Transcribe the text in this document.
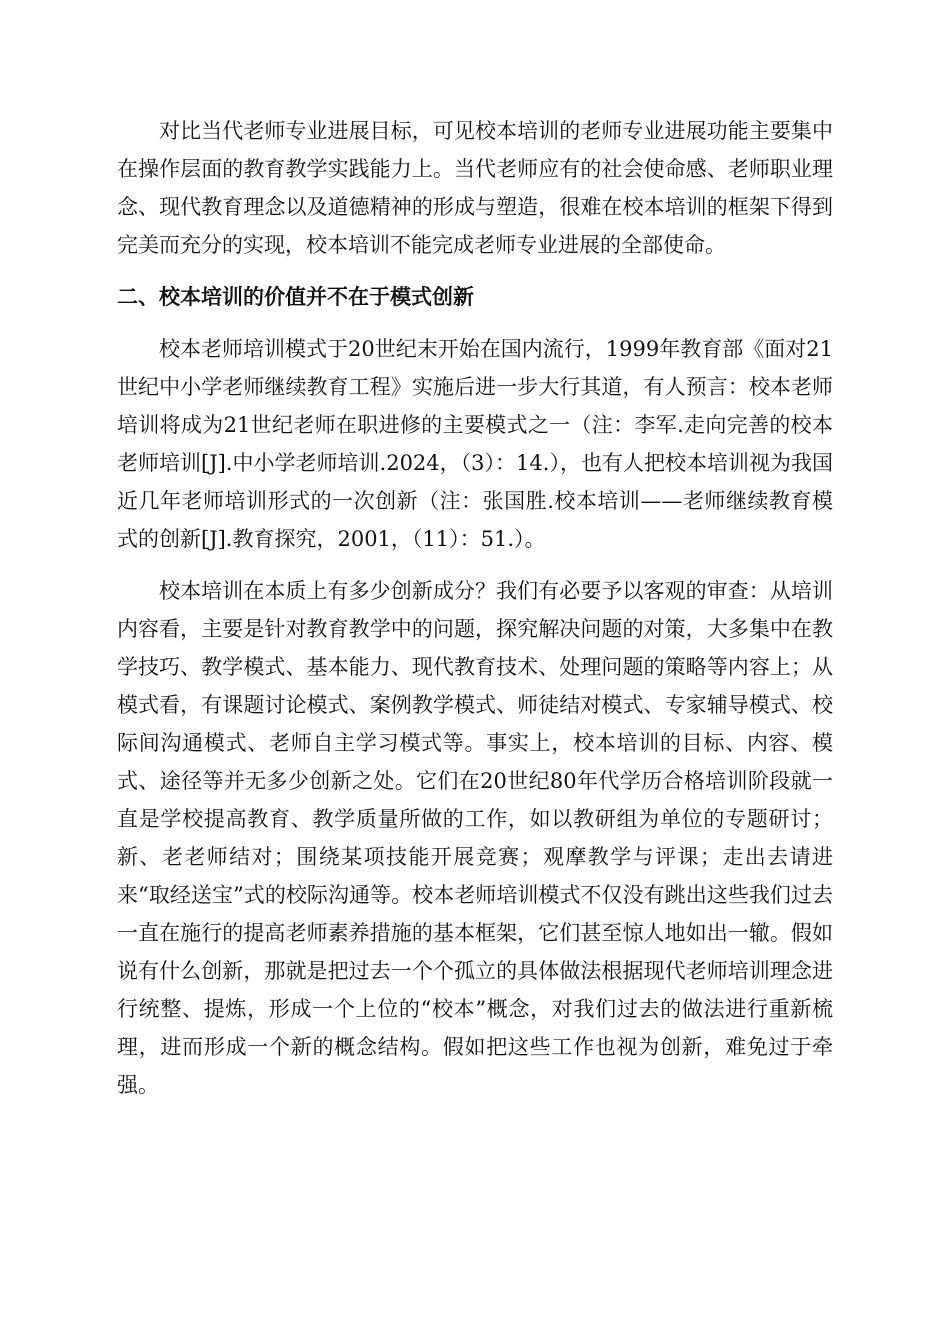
对比当代老师专业进展目标，可见校本培训的老师专业进展功能主要集中在操作层面的教育教学实践能力上。当代老师应有的社会使命感、老师职业理念、现代教育理念以及道德精神的形成与塑造，很难在校本培训的框架下得到完美而充分的实现，校本培训不能完成老师专业进展的全部使命。

二、校本培训的价值并不在于模式创新

校本老师培训模式于20世纪末开始在国内流行，1999年教育部《面对21世纪中小学老师继续教育工程》实施后进一步大行其道，有人预言：校本老师培训将成为21世纪老师在职进修的主要模式之一（注：李军.走向完善的校本老师培训[J].中小学老师培训.2024，（3）：14.），也有人把校本培训视为我国近几年老师培训形式的一次创新（注：张国胜.校本培训——老师继续教育模式的创新[J].教育探究，2001，（11）：51.）。

校本培训在本质上有多少创新成分？我们有必要予以客观的审查：从培训内容看，主要是针对教育教学中的问题，探究解决问题的对策，大多集中在教学技巧、教学模式、基本能力、现代教育技术、处理问题的策略等内容上；从模式看，有课题讨论模式、案例教学模式、师徒结对模式、专家辅导模式、校际间沟通模式、老师自主学习模式等。事实上，校本培训的目标、内容、模式、途径等并无多少创新之处。它们在20世纪80年代学历合格培训阶段就一直是学校提高教育、教学质量所做的工作，如以教研组为单位的专题研讨；新、老老师结对；围绕某项技能开展竞赛；观摩教学与评课；走出去请进来“取经送宝”式的校际沟通等。校本老师培训模式不仅没有跳出这些我们过去一直在施行的提高老师素养措施的基本框架，它们甚至惊人地如出一辙。假如说有什么创新，那就是把过去一个个孤立的具体做法根据现代老师培训理念进行统整、提炼，形成一个上位的“校本”概念，对我们过去的做法进行重新梳理，进而形成一个新的概念结构。假如把这些工作也视为创新，难免过于牵强。
